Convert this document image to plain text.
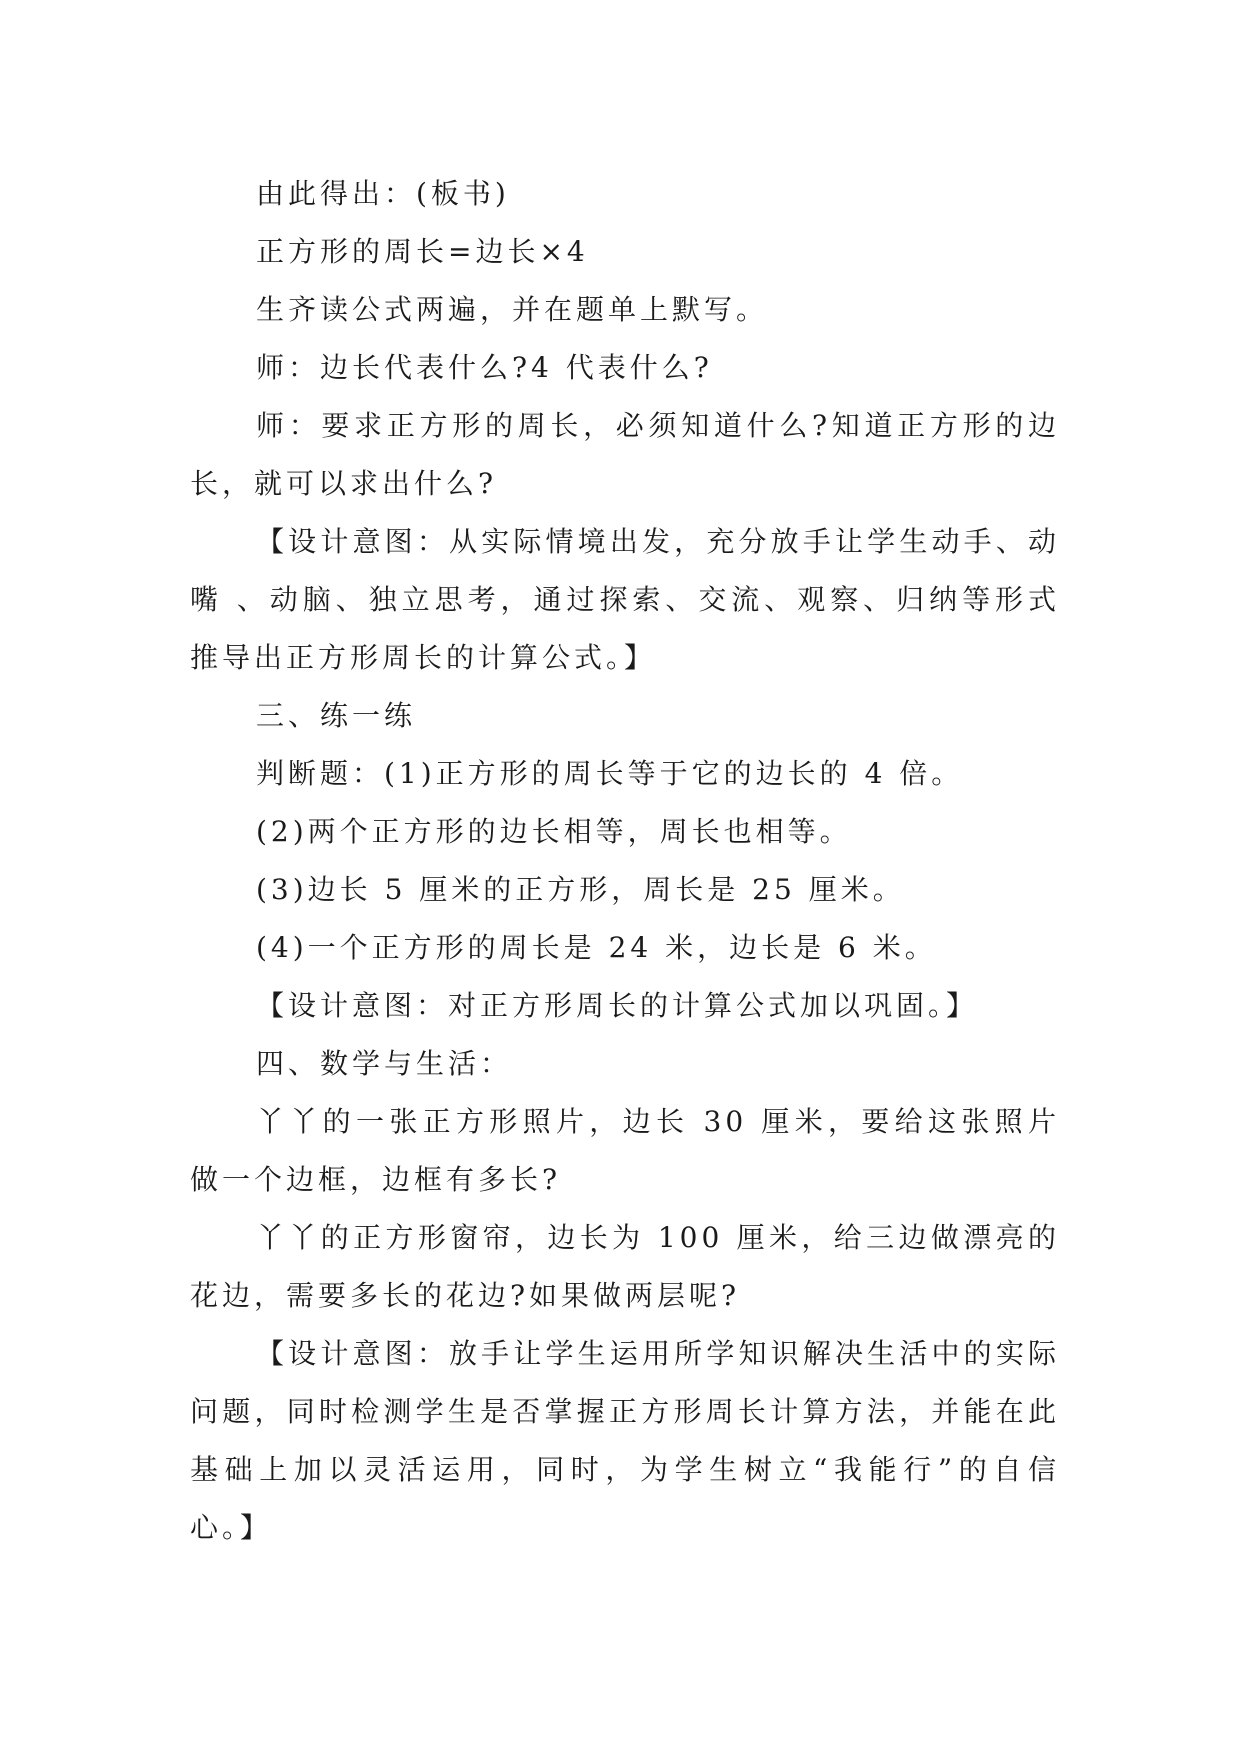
由此得出：(板书)

正方形的周长=边长×4

生齐读公式两遍，并在题单上默写。

师：边长代表什么?4 代表什么?

师：要求正方形的周长，必须知道什么?知道正方形的边长，就可以求出什么?

【设计意图：从实际情境出发，充分放手让学生动手、动嘴 、动脑、独立思考，通过探索、交流、观察、归纳等形式推导出正方形周长的计算公式。】

三、练一练

判断题：(1)正方形的周长等于它的边长的 4 倍。

(2)两个正方形的边长相等，周长也相等。

(3)边长 5 厘米的正方形，周长是 25 厘米。

(4)一个正方形的周长是 24 米，边长是 6 米。

【设计意图：对正方形周长的计算公式加以巩固。】

四、数学与生活：

丫丫的一张正方形照片，边长 30 厘米，要给这张照片做一个边框，边框有多长?

丫丫的正方形窗帘，边长为 100 厘米，给三边做漂亮的花边，需要多长的花边?如果做两层呢?

【设计意图：放手让学生运用所学知识解决生活中的实际问题，同时检测学生是否掌握正方形周长计算方法，并能在此基础上加以灵活运用，同时，为学生树立“我能行”的自信心。】
